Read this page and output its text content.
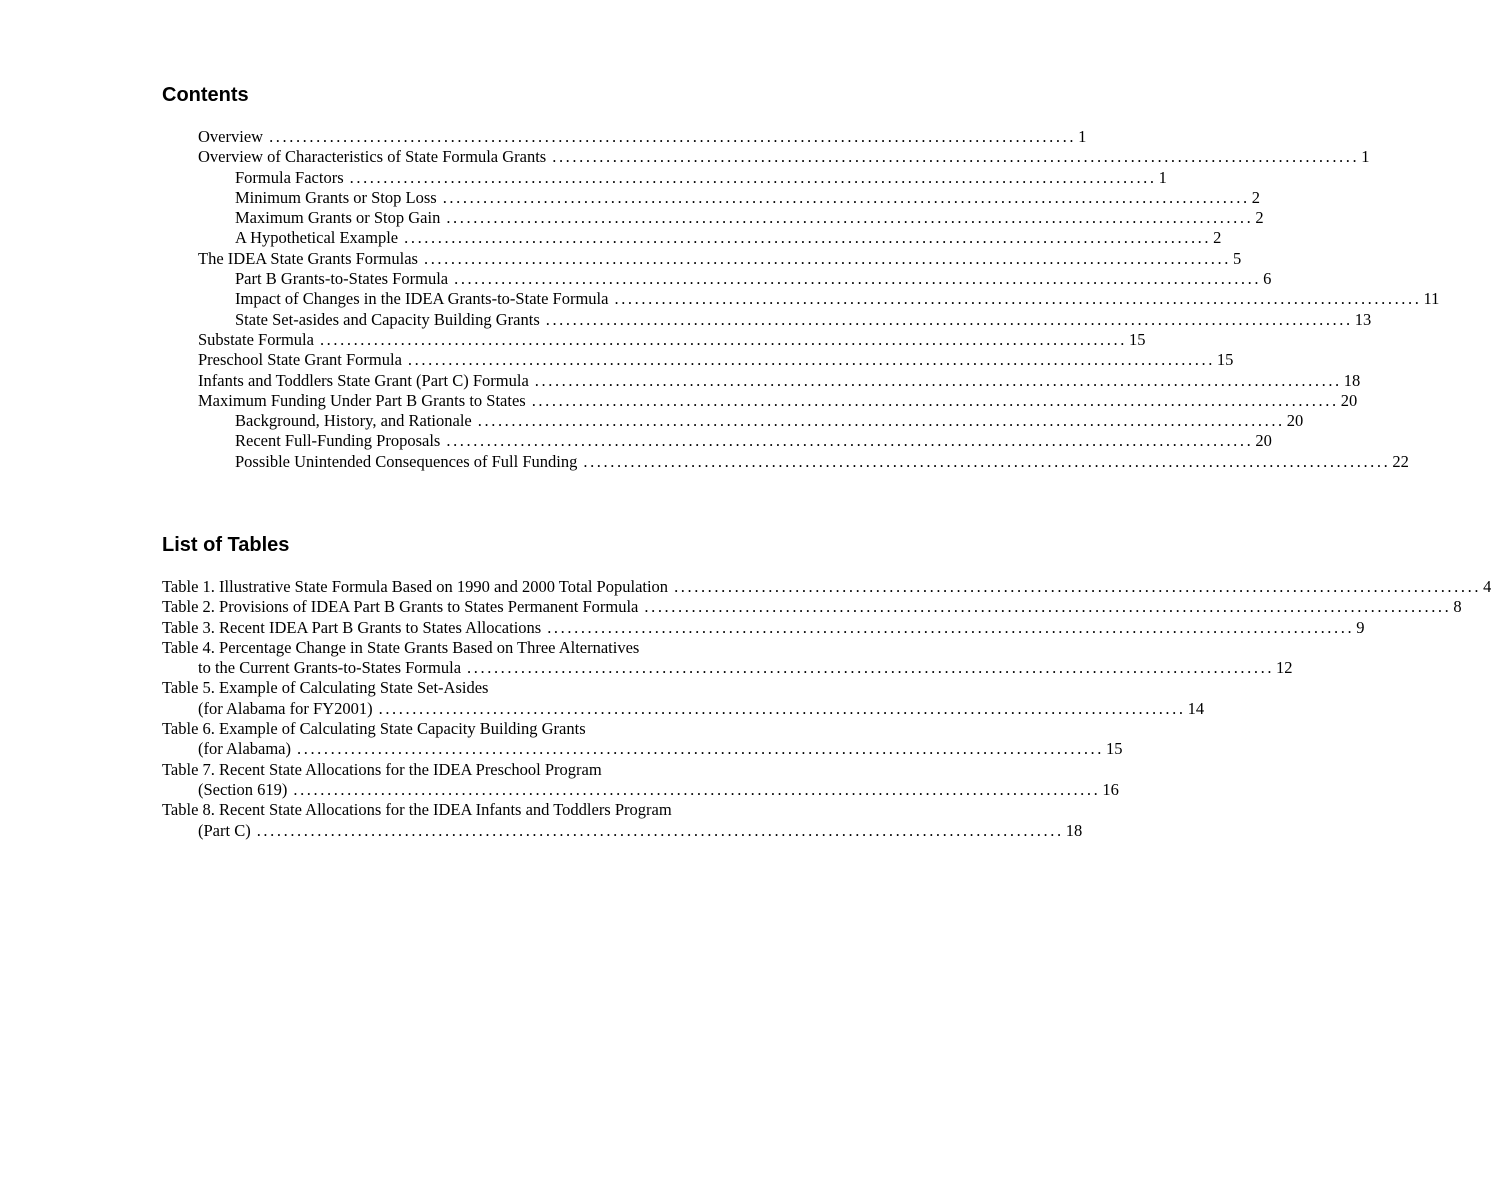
Contents
Overview ........................................................................................................................ 1
Overview of Characteristics of State Formula Grants ........................................................................................................................ 1
Formula Factors ........................................................................................................................ 1
Minimum Grants or Stop Loss ........................................................................................................................ 2
Maximum Grants or Stop Gain ........................................................................................................................ 2
A Hypothetical Example ........................................................................................................................ 2
The IDEA State Grants Formulas ........................................................................................................................ 5
Part B Grants-to-States Formula ........................................................................................................................ 6
Impact of Changes in the IDEA Grants-to-State Formula ........................................................................................................................ 11
State Set-asides and Capacity Building Grants ........................................................................................................................ 13
Substate Formula ........................................................................................................................ 15
Preschool State Grant Formula ........................................................................................................................ 15
Infants and Toddlers State Grant (Part C) Formula ........................................................................................................................ 18
Maximum Funding Under Part B Grants to States ........................................................................................................................ 20
Background, History, and Rationale ........................................................................................................................ 20
Recent Full-Funding Proposals ........................................................................................................................ 20
Possible Unintended Consequences of Full Funding ........................................................................................................................ 22
List of Tables
Table 1. Illustrative State Formula Based on 1990 and 2000 Total Population ........................................................................................................................ 4
Table 2. Provisions of IDEA Part B Grants to States Permanent Formula ........................................................................................................................ 8
Table 3. Recent IDEA Part B Grants to States Allocations ........................................................................................................................ 9
Table 4. Percentage Change in State Grants Based on Three Alternatives
to the Current Grants-to-States Formula ........................................................................................................................ 12
Table 5. Example of Calculating State Set-Asides
(for Alabama for FY2001) ........................................................................................................................ 14
Table 6. Example of Calculating State Capacity Building Grants
(for Alabama) ........................................................................................................................ 15
Table 7. Recent State Allocations for the IDEA Preschool Program
(Section 619) ........................................................................................................................ 16
Table 8. Recent State Allocations for the IDEA Infants and Toddlers Program
(Part C) ........................................................................................................................ 18
